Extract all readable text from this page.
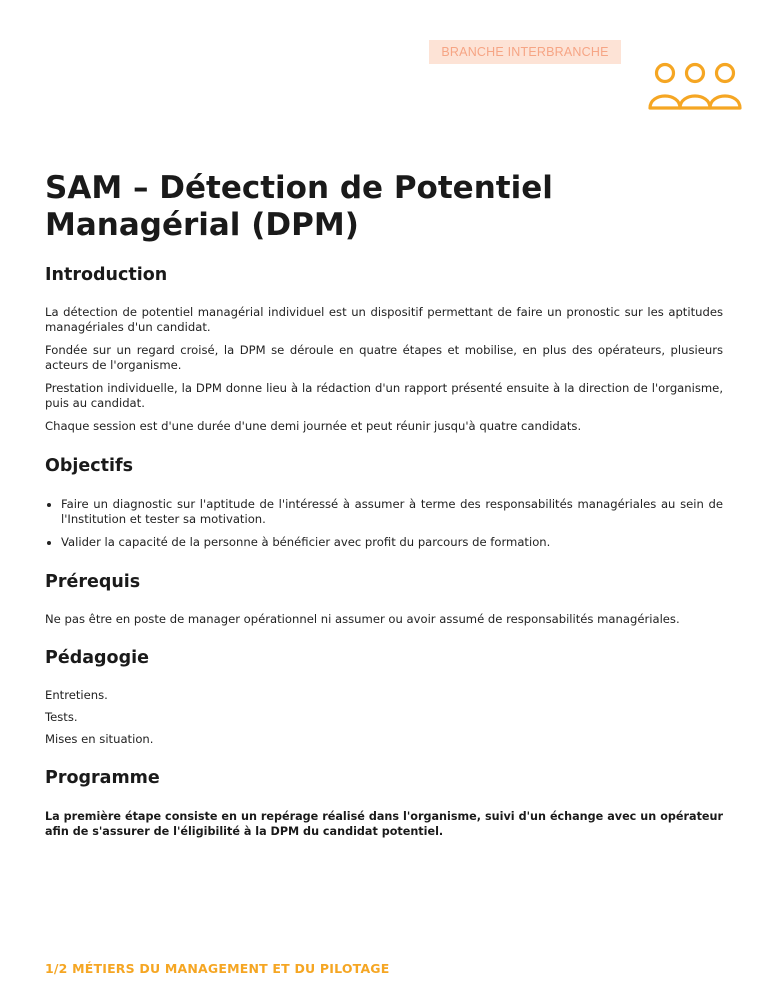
BRANCHE INTERBRANCHE
SAM – Détection de Potentiel Managérial (DPM)
Introduction

La détection de potentiel managérial individuel est un dispositif permettant de faire un pronostic sur les aptitudes managériales d'un candidat.

Fondée sur un regard croisé, la DPM se déroule en quatre étapes et mobilise, en plus des opérateurs, plusieurs acteurs de l'organisme.

Prestation individuelle, la DPM donne lieu à la rédaction d'un rapport présenté ensuite à la direction de l'organisme, puis au candidat.

Chaque session est d'une durée d'une demi journée et peut réunir jusqu'à quatre candidats.

Objectifs
• Faire un diagnostic sur l'aptitude de l'intéressé à assumer à terme des responsabilités managériales au sein de l'Institution et tester sa motivation.
• Valider la capacité de la personne à bénéficier avec profit du parcours de formation.
Prérequis

Ne pas être en poste de manager opérationnel ni assumer ou avoir assumé de responsabilités managériales.

Pédagogie

Entretiens.

Tests.

Mises en situation.

Programme

La première étape consiste en un repérage réalisé dans l'organisme, suivi d'un échange avec un opérateur afin de s'assurer de l'éligibilité à la DPM du candidat potentiel.

1/2 MÉTIERS DU MANAGEMENT ET DU PILOTAGE
